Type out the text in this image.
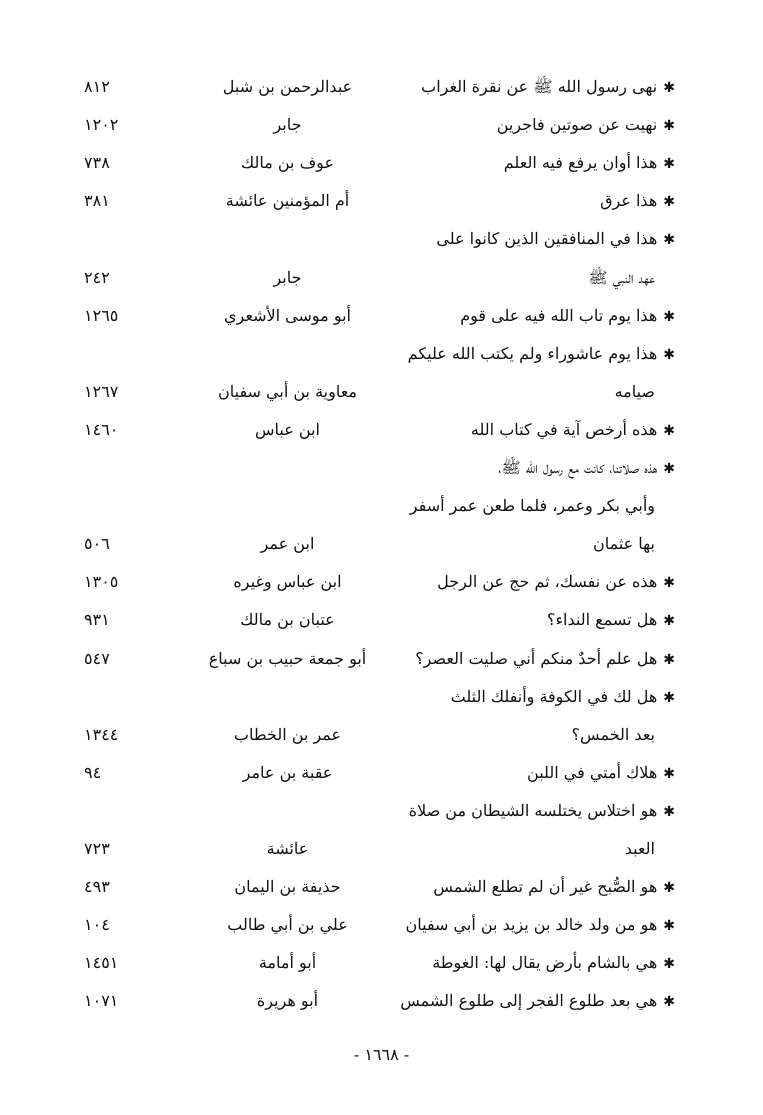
✱نهى رسول الله ﷺ عن نقرة الغراب
عبدالرحمن بن شبل
٨١٢
✱نهيت عن صوتين فاجرين
جابر
١٢٠٢
✱هذا أوان يرفع فيه العلم
عوف بن مالك
٧٣٨
✱هذا عرق
أم المؤمنين عائشة
٣٨١
✱هذا في المنافقين الذين كانوا على
عهد النبي ﷺ
جابر
٢٤٢
✱هذا يوم تاب الله فيه على قوم
أبو موسى الأشعري
١٢٦٥
✱هذا يوم عاشوراء ولم يكتب الله عليكم
صيامه
معاوية بن أبي سفيان
١٢٦٧
✱هذه أرخص آية في كتاب الله
ابن عباس
١٤٦٠
✱هذه صلاتنا، كانت مع رسول الله ﷺ،
وأبي بكر وعمر، فلما طعن عمر أسفر
بها عثمان
ابن عمر
٥٠٦
✱هذه عن نفسك، ثم حج عن الرجل
ابن عباس وغيره
١٣٠٥
✱هل تسمع النداء؟
عتبان بن مالك
٩٣١
✱هل علم أحدٌ منكم أني صليت العصر؟
أبو جمعة حبيب بن سباع
٥٤٧
✱هل لك في الكوفة وأنفلك الثلث
بعد الخمس؟
عمر بن الخطاب
١٣٤٤
✱هلاك أمتي في اللبن
عقبة بن عامر
٩٤
✱هو اختلاس يختلسه الشيطان من صلاة
العبد
عائشة
٧٢٣
✱هو الصُّبح غير أن لم تطلع الشمس
حذيفة بن اليمان
٤٩٣
✱هو من ولد خالد بن يزيد بن أبي سفيان
علي بن أبي طالب
١٠٤
✱هي بالشام بأرض يقال لها: الغوطة
أبو أمامة
١٤٥١
✱هي بعد طلوع الفجر إلى طلوع الشمس
أبو هريرة
١٠٧١
- ١٦٦٨ -
